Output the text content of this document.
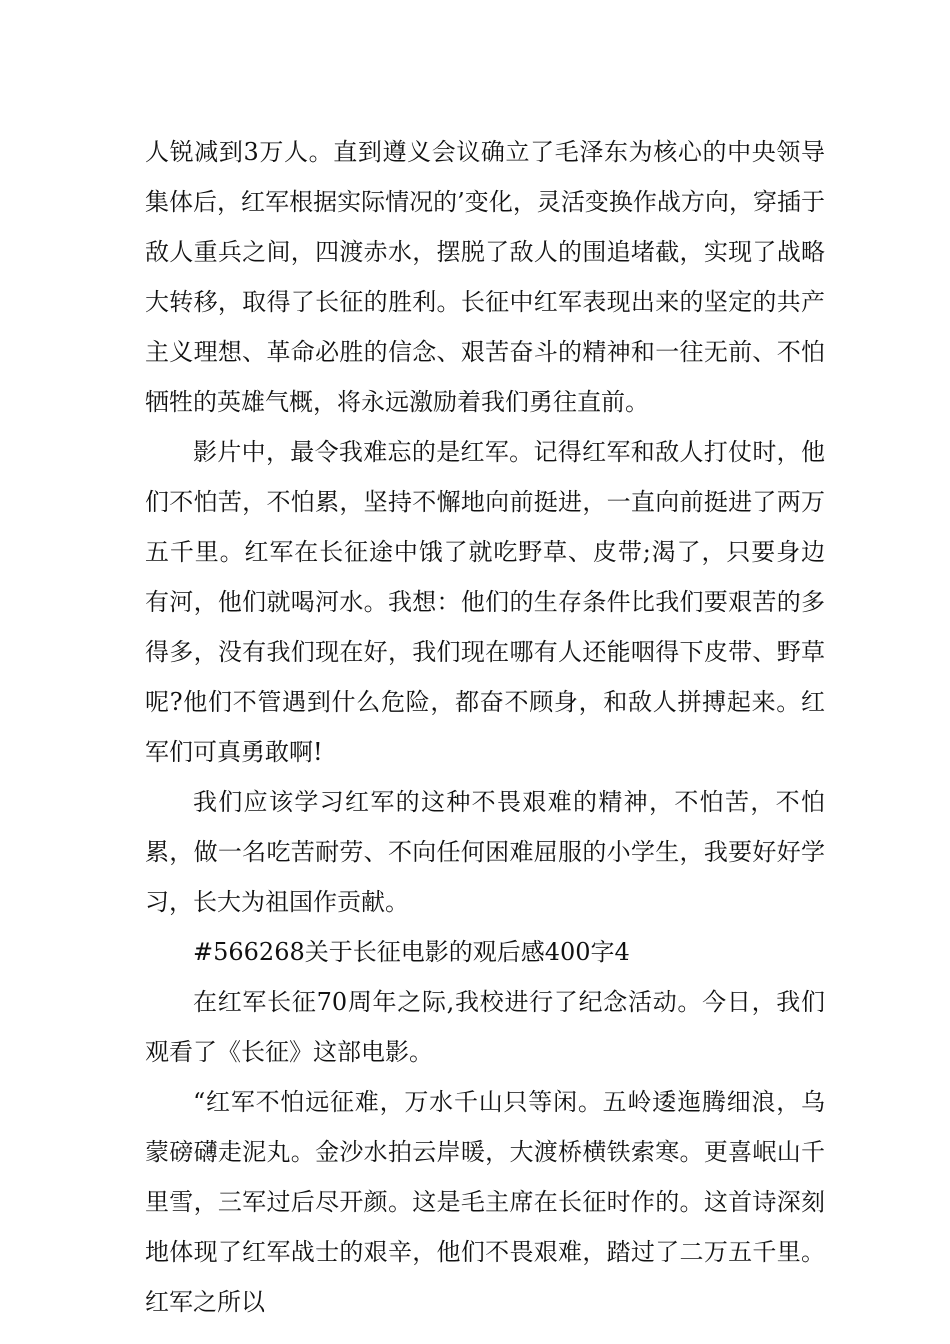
人锐减到3万人。直到遵义会议确立了毛泽东为核心的中央领导集体后，红军根据实际情况的’变化，灵活变换作战方向，穿插于敌人重兵之间，四渡赤水，摆脱了敌人的围追堵截，实现了战略大转移，取得了长征的胜利。长征中红军表现出来的坚定的共产主义理想、革命必胜的信念、艰苦奋斗的精神和一往无前、不怕牺牲的英雄气概，将永远激励着我们勇往直前。

影片中，最令我难忘的是红军。记得红军和敌人打仗时，他们不怕苦，不怕累，坚持不懈地向前挺进，一直向前挺进了两万五千里。红军在长征途中饿了就吃野草、皮带;渴了，只要身边有河，他们就喝河水。我想：他们的生存条件比我们要艰苦的多得多，没有我们现在好，我们现在哪有人还能咽得下皮带、野草呢?他们不管遇到什么危险，都奋不顾身，和敌人拼搏起来。红军们可真勇敢啊!

我们应该学习红军的这种不畏艰难的精神，不怕苦，不怕累，做一名吃苦耐劳、不向任何困难屈服的小学生，我要好好学习，长大为祖国作贡献。

#566268关于长征电影的观后感400字4

在红军长征70周年之际,我校进行了纪念活动。今日，我们观看了《长征》这部电影。

“红军不怕远征难，万水千山只等闲。五岭逶迤腾细浪，乌蒙磅礴走泥丸。金沙水拍云岸暖，大渡桥横铁索寒。更喜岷山千里雪，三军过后尽开颜。这是毛主席在长征时作的。这首诗深刻地体现了红军战士的艰辛，他们不畏艰难，踏过了二万五千里。红军之所以
